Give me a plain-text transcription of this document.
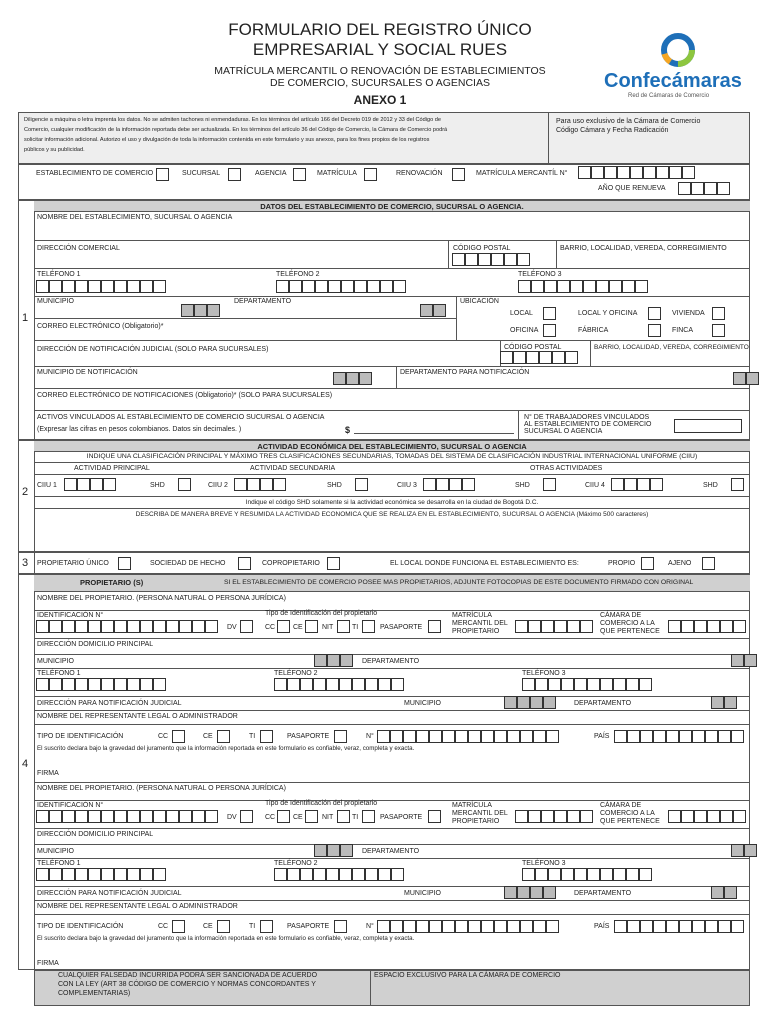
FORMULARIO DEL REGISTRO ÚNICO
EMPRESARIAL Y SOCIAL RUES
MATRÍCULA MERCANTIL O RENOVACIÓN DE ESTABLECIMIENTOS
DE COMERCIO, SUCURSALES O AGENCIAS
ANEXO 1
Confecámaras
Red de Cámaras de Comercio
Diligencie a máquina o letra imprenta los datos. No se admiten tachones ni enmendaduras. En los términos del artículo 166 del Decreto 019 de 2012 y 33 del Código de
Comercio, cualquier modificación de la información reportada debe ser actualizada. En los términos del artículo 36 del Código de Comercio, la Cámara de Comercio podrá
solicitar información adicional. Autorizo el uso y divulgación de toda la información contenida en este formulario y sus anexos, para los fines propios de los registros
públicos y su publicidad.
Para uso exclusivo de la Cámara de Comercio
Código Cámara y Fecha Radicación
ESTABLECIMIENTO DE COMERCIO	SUCURSAL	AGENCIA	MATRÍCULA	RENOVACIÓN	MATRÍCULA MERCANTÍL N°
AÑO QUE RENUEVA
1
DATOS DEL ESTABLECIMIENTO DE COMERCIO, SUCURSAL O AGENCIA.
NOMBRE DEL ESTABLECIMIENTO, SUCURSAL O AGENCIA
DIRECCIÓN COMERCIAL	CÓDIGO POSTAL	BARRIO, LOCALIDAD, VEREDA, CORREGIMIENTO
TELÉFONO 1	TELÉFONO 2	TELÉFONO 3
MUNICIPIO	DEPARTAMENTO	UBICACIÓN
LOCAL	LOCAL Y OFICINA	VIVIENDA
CORREO ELECTRÓNICO (Obligatorio)*
OFICINA	FÁBRICA	FINCA
DIRECCIÓN DE NOTIFICACIÓN JUDICIAL (SOLO PARA SUCURSALES)	CÓDIGO POSTAL	BARRIO, LOCALIDAD, VEREDA, CORREGIMIENTO
MUNICIPIO DE NOTIFICACIÓN	DEPARTAMENTO PARA NOTIFICACIÓN
CORREO ELECTRÓNICO DE NOTIFICACIONES (Obligatorio)* (SOLO PARA SUCURSALES)
ACTIVOS VINCULADOS AL ESTABLECIMIENTO DE COMERCIO SUCURSAL O AGENCIA
(Expresar las cifras en pesos colombianos. Datos sin decimales. )	$
N° DE TRABAJADORES VINCULADOS
AL ESTABLECIMIENTO DE COMERCIO
SUCURSAL O AGENCIA
2
ACTIVIDAD ECONÓMICA DEL ESTABLECIMIENTO, SUCURSAL O AGENCIA
INDIQUE UNA CLASIFICACIÓN PRINCIPAL Y MÁXIMO TRES CLASIFICACIONES SECUNDARIAS, TOMADAS DEL SISTEMA DE CLASIFICACIÓN INDUSTRIAL INTERNACIONAL UNIFORME (CIIU)
ACTIVIDAD PRINCIPAL	ACTIVIDAD SECUNDARIA	OTRAS ACTIVIDADES
CIIU 1	SHD	CIIU 2	SHD	CIIU 3	SHD	CIIU 4	SHD
Indique el código SHD solamente si la actividad económica se desarrolla en la ciudad de Bogotá D.C.
DESCRIBA DE MANERA BREVE Y RESUMIDA LA ACTIVIDAD ECONOMICA QUE SE REALIZA EN EL ESTABLECIMIENTO, SUCURSAL O AGENCIA (Máximo 500 caracteres)
3 PROPIETARIO ÚNICO	SOCIEDAD DE HECHO	COPROPIETARIO	EL LOCAL DONDE FUNCIONA EL ESTABLECIMIENTO ES:	PROPIO	AJENO
4
PROPIETARIO (S)	SI EL ESTABLECIMIENTO DE COMERCIO POSEE MAS PROPIETARIOS, ADJUNTE FOTOCOPIAS DE ESTE DOCUMENTO FIRMADO CON ORIGINAL
NOMBRE DEL PROPIETARIO. (PERSONA NATURAL O PERSONA JURÍDICA)
IDENTIFICACIÓN N°
DV
Tipo de Identificación del propietario
CC	CE	NIT	TI	PASAPORTE
MATRÍCULA
MERCANTIL DEL
PROPIETARIO
CÁMARA DE
COMERCIO A LA
QUE PERTENECE
DIRECCIÓN DOMICILIO PRINCIPAL
MUNICIPIO	DEPARTAMENTO
TELÉFONO 1	TELÉFONO 2	TELÉFONO 3
DIRECCIÓN PARA NOTIFICACIÓN JUDICIAL	MUNICIPIO	DEPARTAMENTO
NOMBRE DEL REPRESENTANTE LEGAL O ADMINISTRADOR
TIPO DE IDENTIFICACIÓN	CC	CE	TI	PASAPORTE	N°	PAÍS
El suscrito declara bajo la gravedad del juramento que la información reportada en este formulario es confiable, veraz, completa y exacta.
FIRMA
NOMBRE DEL PROPIETARIO. (PERSONA NATURAL O PERSONA JURÍDICA)
IDENTIFICACIÓN N°
DV
Tipo de Identificación del propietario
CC	CE	NIT	TI	PASAPORTE
MATRÍCULA
MERCANTIL DEL
PROPIETARIO
CÁMARA DE
COMERCIO A LA
QUE PERTENECE
DIRECCIÓN DOMICILIO PRINCIPAL
MUNICIPIO	DEPARTAMENTO
TELÉFONO 1	TELÉFONO 2	TELÉFONO 3
DIRECCIÓN PARA NOTIFICACIÓN JUDICIAL	MUNICIPIO	DEPARTAMENTO
NOMBRE DEL REPRESENTANTE LEGAL O ADMINISTRADOR
TIPO DE IDENTIFICACIÓN	CC	CE	TI	PASAPORTE	N°	PAÍS
El suscrito declara bajo la gravedad del juramento que la información reportada en este formulario es confiable, veraz, completa y exacta.
FIRMA
CUALQUIER FALSEDAD INCURRIDA PODRÁ SER SANCIONADA DE ACUERDO
CON LA LEY (ART 38 CÓDIGO DE COMERCIO Y NORMAS CONCORDANTES Y
COMPLEMENTARIAS)
ESPACIO EXCLUSIVO PARA LA CÁMARA DE COMERCIO
